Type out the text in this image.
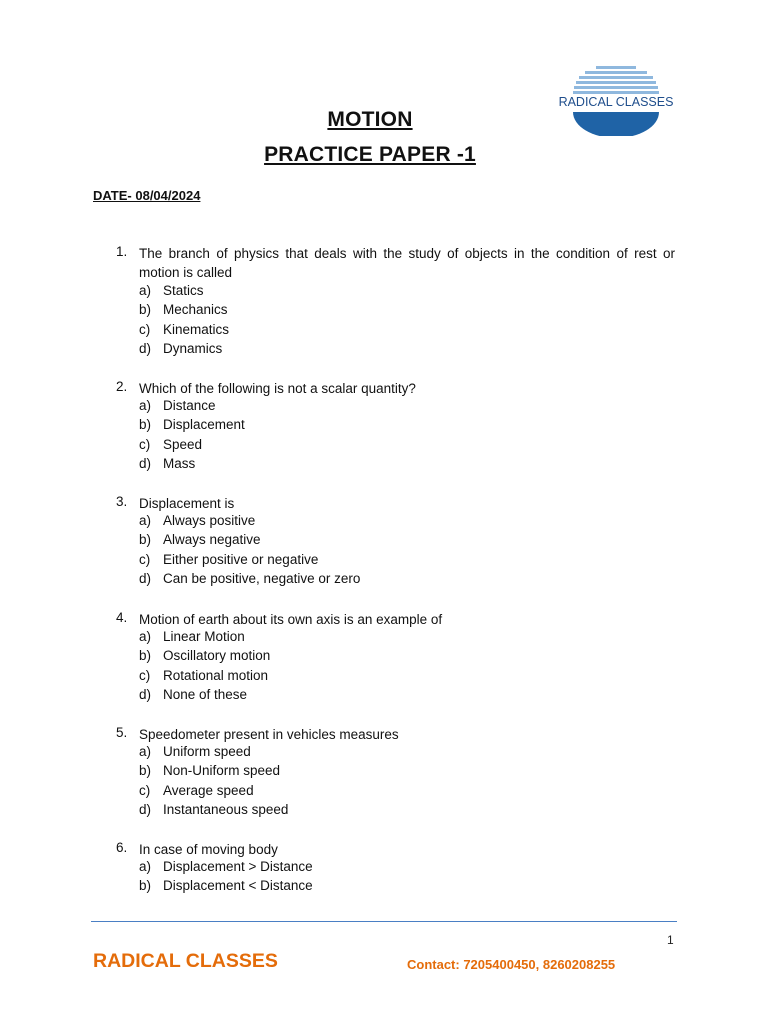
RADICAL CLASSES
MOTION
PRACTICE PAPER -1
DATE- 08/04/2024
1. The branch of physics that deals with the study of objects in the condition of rest or motion is called
a) Statics
b) Mechanics
c) Kinematics
d) Dynamics
2. Which of the following is not a scalar quantity?
a) Distance
b) Displacement
c) Speed
d) Mass
3. Displacement is
a) Always positive
b) Always negative
c) Either positive or negative
d) Can be positive, negative or zero
4. Motion of earth about its own axis is an example of
a) Linear Motion
b) Oscillatory motion
c) Rotational motion
d) None of these
5. Speedometer present in vehicles measures
a) Uniform speed
b) Non-Uniform speed
c) Average speed
d) Instantaneous speed
6. In case of moving body
a) Displacement > Distance
b) Displacement < Distance
1
RADICAL CLASSES	Contact: 7205400450, 8260208255
